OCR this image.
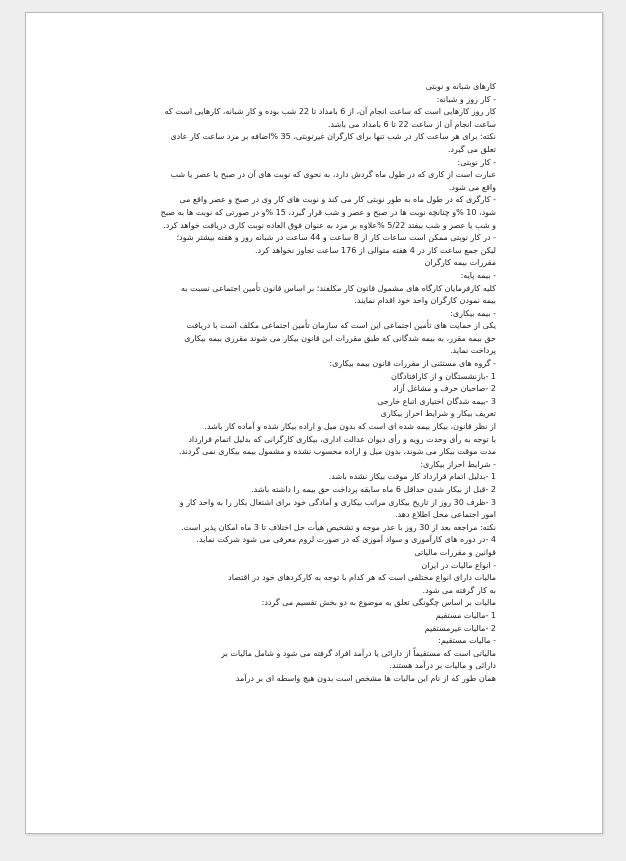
کارهای شبانه و نوبتی

- کار روز و شبانه:

کار روز کارهایی است که ساعت انجام آن، از 6 بامداد تا 22 شب بوده و کار شبانه، کارهایی است که

ساعت انجام آن از ساعت 22 تا 6 بامداد می باشد.

نکته: برای هر ساعت کار در شب تنها برای کارگران غیرنوبتی، 35 %اضافه بر مزد ساعت کار عادی

تعلق می گیرد.

- کار نوبتی:

عبارت است از کاری که در طول ماه گردش دارد، به نحوی که نوبت های آن در صبح یا عصر یا شب

واقع می شود.

- کارگری که در طول ماه به طور نوبتی کار می کند و نوبت های کار وی در صبح و عصر واقع می

شود، 10 %و چنانچه نوبت ها در صبح و عصر و شب قرار گیرد، 15 %و در صورتی که نوبت ها به صبح

و شب یا عصر و شب بیفتد 5/22 %علاوه بر مزد به عنوان فوق العاده نوبت کاری دریافت خواهد کرد.

- در کار نوبتی ممکن است ساعات کار از 8 ساعت و 44 ساعت در شبانه روز و هفته بیشتر شود؛

لیکن جمع ساعت کار در 4 هفته متوالی از 176 ساعت تجاوز نخواهد کرد.

مقررات بیمه کارگران

- بیمه پایه:

کلیه کارفرمایان کارگاه های مشمول قانون کار مکلفند؛ بر اساس قانون تأمین اجتماعی نسبت به

بیمه نمودن کارگران واحد خود اقدام نمایند.

- بیمه بیکاری:

یکی از حمایت های تأمین اجتماعی این است که سازمان تأمین اجتماعی مکلف است با دریافت

حق بیمه مقرر، به بیمه شدگانی که طبق مقررات این قانون بیکار می شوند مقرری بیمه بیکاری

پرداخت نماید.

- گروه های مستثنی از مقررات قانون بیمه بیکاری:

1 -بازنشستگان و از کارافتادگان

2 -صاحبان حرف و مشاغل آزاد

3 -بیمه شدگان اختیاری اتباع خارجی

تعریف بیکار و شرایط احراز بیکاری

از نظر قانون، بیکار بیمه شده ای است که بدون میل و اراده بیکار شده و آماده کار باشد.

با توجه به رأی وحدت رویه و رأی دیوان عدالت اداری، بیکاری کارگرانی که بدلیل اتمام قرارداد

مدت موقت بیکار می شوند، بدون میل و اراده محسوب نشده و مشمول بیمه بیکاری نمی گردند.

- شرایط احراز بیکاری:

1 -بدلیل اتمام قرارداد کار موقت بیکار نشده باشد.

2 -قبل از بیکار شدن حداقل 6 ماه سابقه پرداخت حق بیمه را داشته باشد.

3 -ظرف 30 روز از تاریخ بیکاری مراتب بیکاری و آمادگی خود برای اشتغال بکار را به واحد کار و

امور اجتماعی محل اطلاع دهد.

نکته: مراجعه بعد از 30 روز با عذر موجه و تشخیص هیأت حل اختلاف تا 3 ماه امکان پذیر است.

4 -در دوره های کارآموزی و سواد آموزی که در صورت لزوم معرفی می شود شرکت نماید.

قوانین و مقررات مالیاتی

- انواع مالیات در ایران

مالیات دارای انواع مختلفی است که هر کدام با توجه به کارکردهای خود در اقتصاد

به کار گرفته می شود.

مالیات بر اساس چگونگی تعلق به موضوع به دو بخش تقسیم می گردد:

1 -مالیات مستقیم

2 -مالیات غیرمستقیم

- مالیات مستقیم:

مالیاتی است که مستقیماً از دارائی یا درآمد افراد گرفته می شود و شامل مالیات بر

دارائی و مالیات بر درآمد هستند.

همان طور که از نام این مالیات ها مشخص است بدون هیچ واسطه ای بر درآمد
